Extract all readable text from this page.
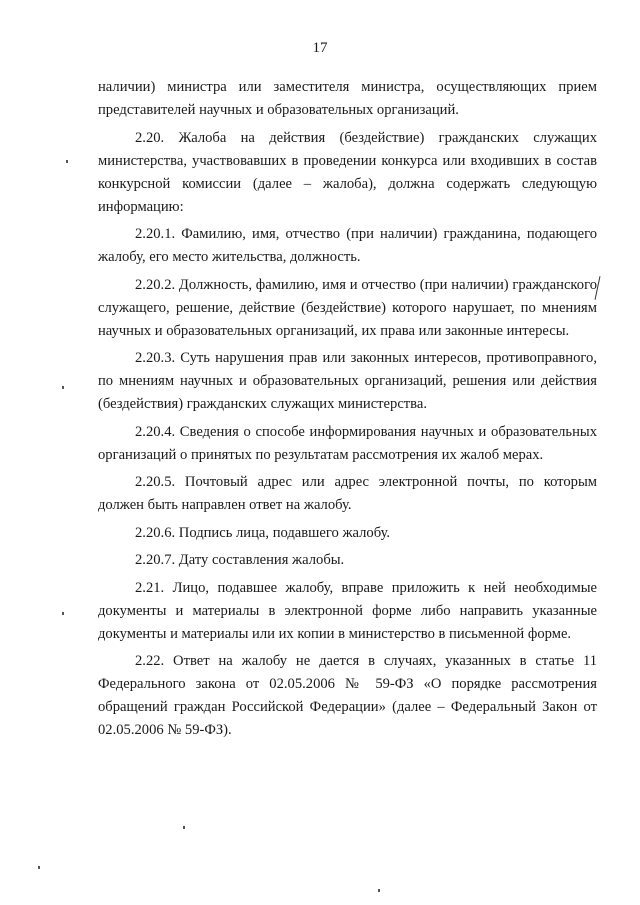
17

наличии) министра или заместителя министра, осуществляющих прием представителей научных и образовательных организаций.

2.20. Жалоба на действия (бездействие) гражданских служащих министерства, участвовавших в проведении конкурса или входивших в состав конкурсной комиссии (далее – жалоба), должна содержать следующую информацию:

2.20.1. Фамилию, имя, отчество (при наличии) гражданина, подающего жалобу, его место жительства, должность.

2.20.2. Должность, фамилию, имя и отчество (при наличии) гражданского служащего, решение, действие (бездействие) которого нарушает, по мнениям научных и образовательных организаций, их права или законные интересы.

2.20.3. Суть нарушения прав или законных интересов, противоправного, по мнениям научных и образовательных организаций, решения или действия (бездействия) гражданских служащих министерства.

2.20.4. Сведения о способе информирования научных и образовательных организаций о принятых по результатам рассмотрения их жалоб мерах.

2.20.5. Почтовый адрес или адрес электронной почты, по которым должен быть направлен ответ на жалобу.

2.20.6. Подпись лица, подавшего жалобу.

2.20.7. Дату составления жалобы.

2.21. Лицо, подавшее жалобу, вправе приложить к ней необходимые документы и материалы в электронной форме либо направить указанные документы и материалы или их копии в министерство в письменной форме.

2.22. Ответ на жалобу не дается в случаях, указанных в статье 11 Федерального закона от 02.05.2006 № 59-ФЗ «О порядке рассмотрения обращений граждан Российской Федерации» (далее – Федеральный Закон от 02.05.2006 № 59-ФЗ).
